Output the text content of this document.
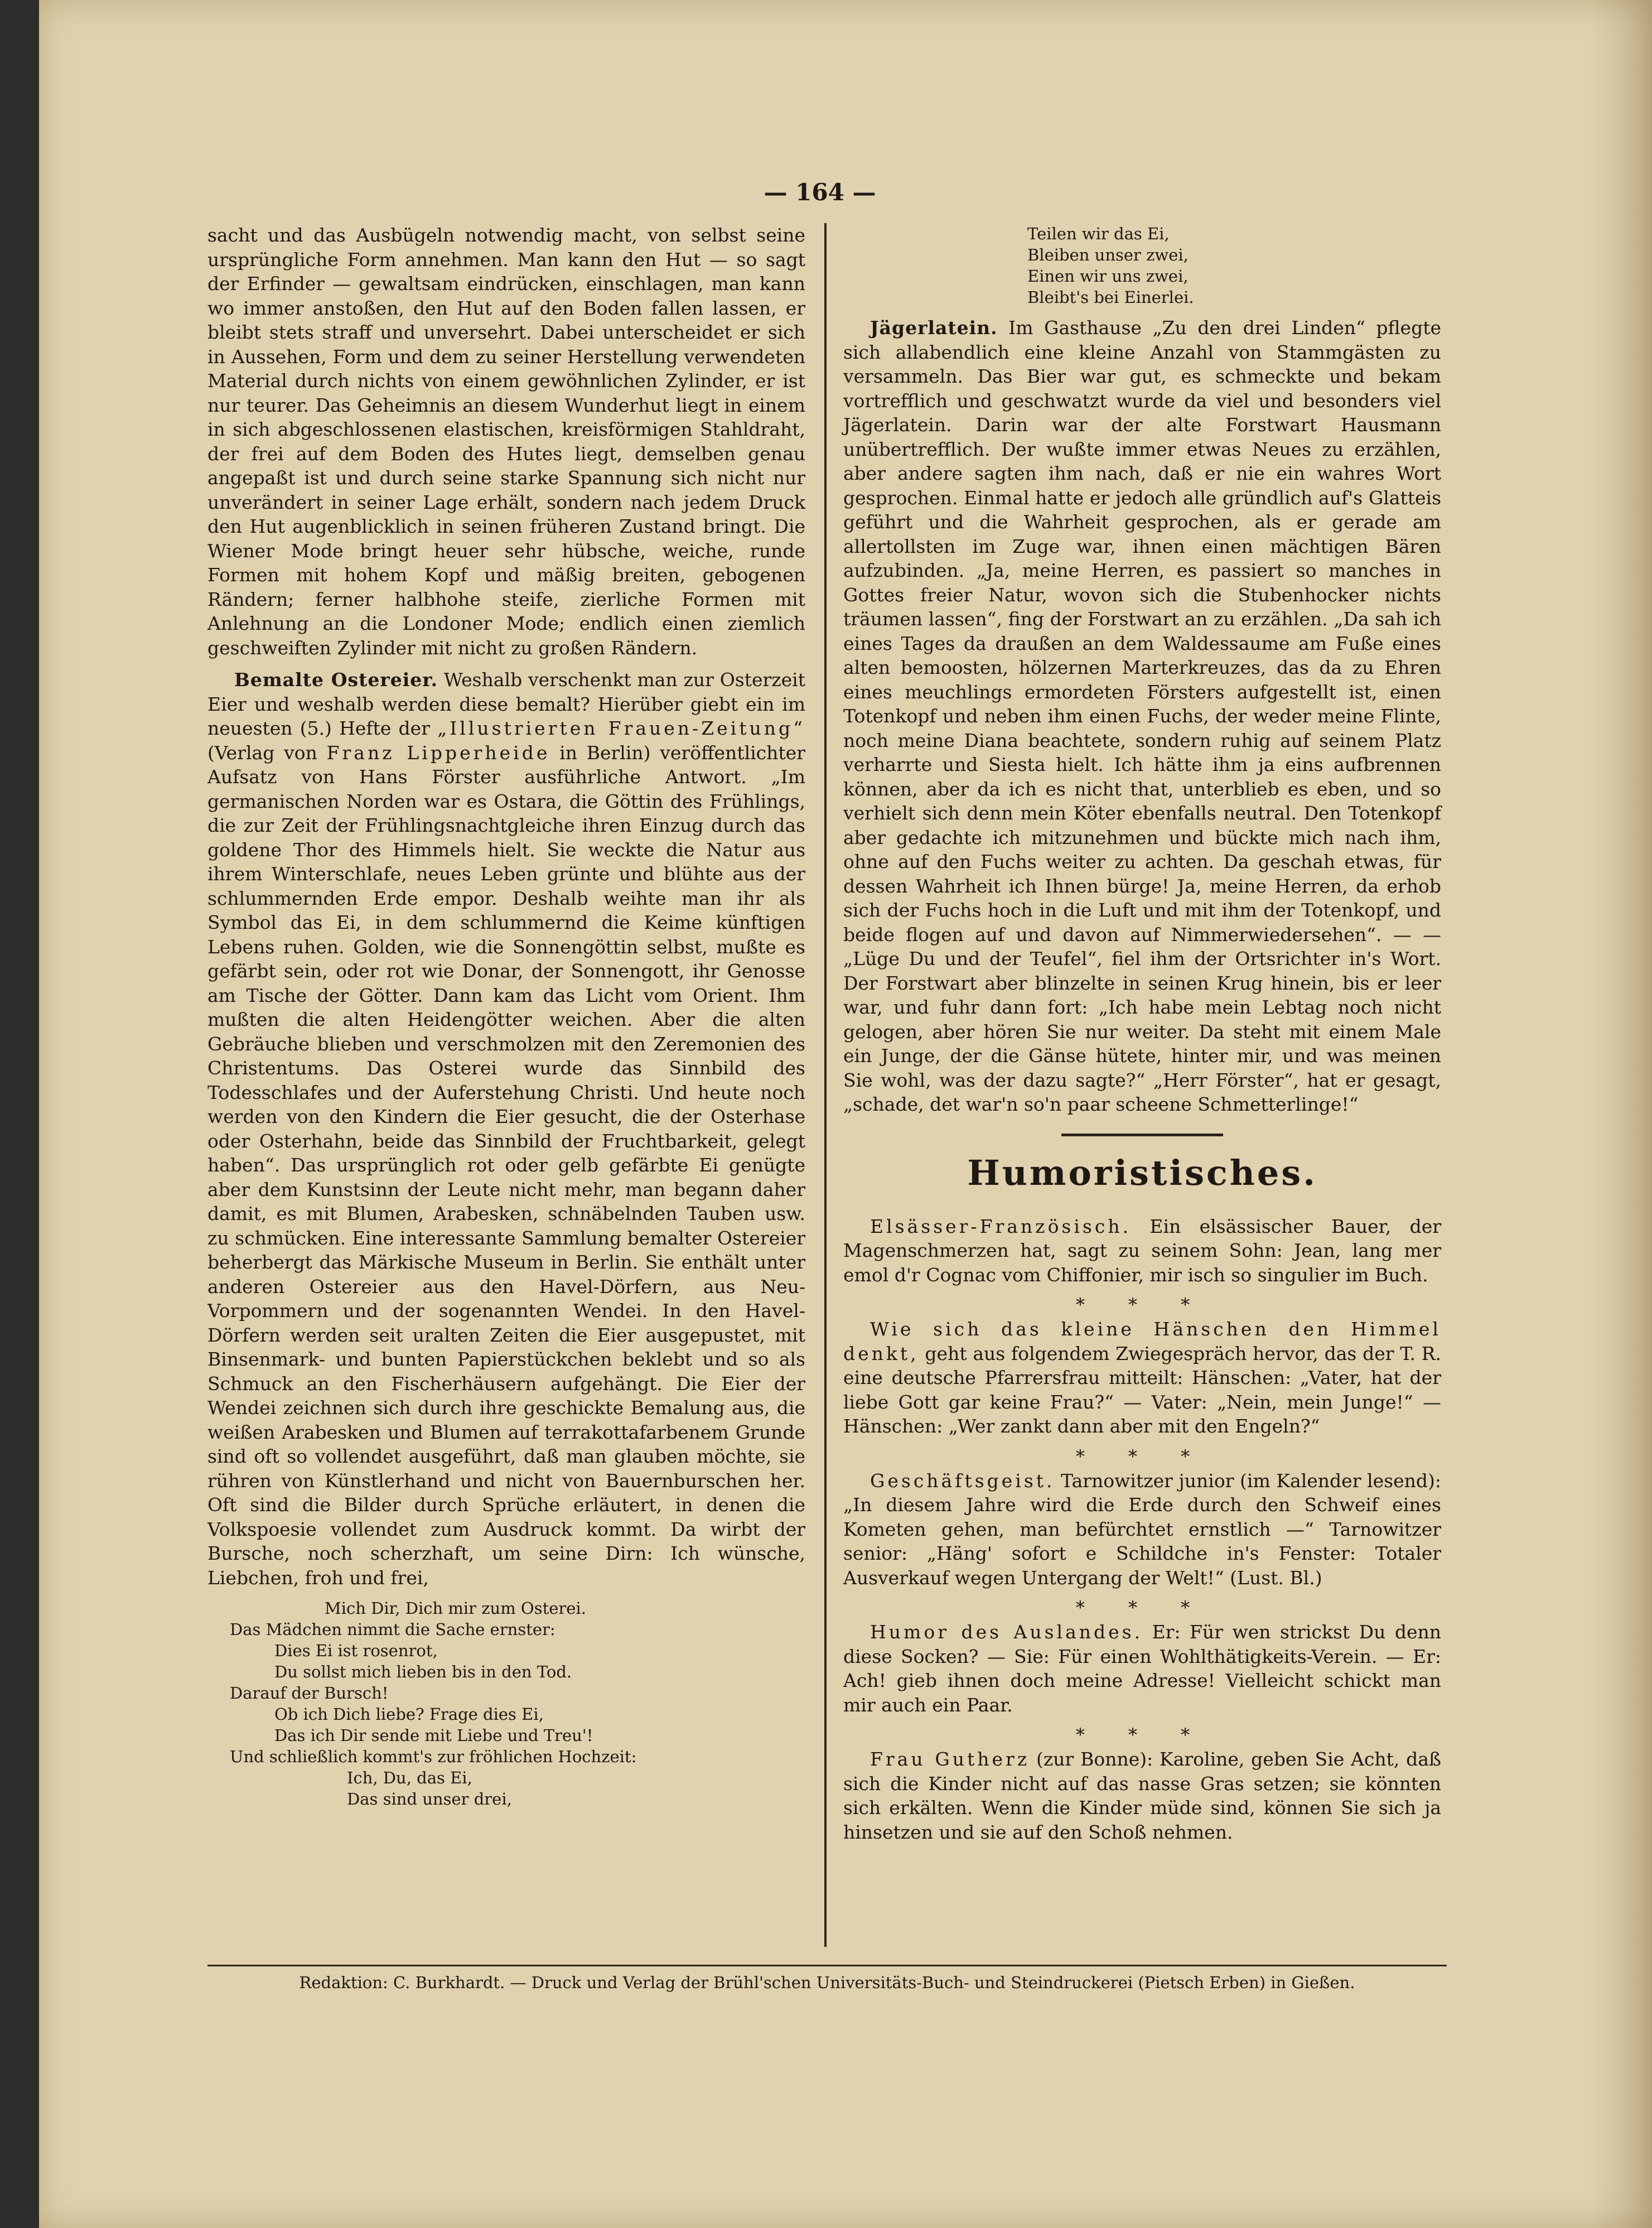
— 164 —

sacht und das Ausbügeln notwendig macht, von selbst seine ursprüngliche Form annehmen. Man kann den Hut — so sagt der Erfinder — gewaltsam eindrücken, einschlagen, man kann wo immer anstoßen, den Hut auf den Boden fallen lassen, er bleibt stets straff und unversehrt. Dabei unterscheidet er sich in Aussehen, Form und dem zu seiner Herstellung verwendeten Material durch nichts von einem gewöhnlichen Zylinder, er ist nur teurer. Das Geheimnis an diesem Wunderhut liegt in einem in sich abgeschlossenen elastischen, kreisförmigen Stahldraht, der frei auf dem Boden des Hutes liegt, demselben genau angepaßt ist und durch seine starke Spannung sich nicht nur unverändert in seiner Lage erhält, sondern nach jedem Druck den Hut augenblicklich in seinen früheren Zustand bringt. Die Wiener Mode bringt heuer sehr hübsche, weiche, runde Formen mit hohem Kopf und mäßig breiten, gebogenen Rändern; ferner halbhohe steife, zierliche Formen mit Anlehnung an die Londoner Mode; endlich einen ziemlich geschweiften Zylinder mit nicht zu großen Rändern.

Bemalte Ostereier. Weshalb verschenkt man zur Osterzeit Eier und weshalb werden diese bemalt? Hierüber giebt ein im neuesten (5.) Hefte der „Illustrierten Frauen-Zeitung“ (Verlag von Franz Lipperheide in Berlin) veröffentlichter Aufsatz von Hans Förster ausführliche Antwort. „Im germanischen Norden war es Ostara, die Göttin des Frühlings, die zur Zeit der Frühlingsnachtgleiche ihren Einzug durch das goldene Thor des Himmels hielt. Sie weckte die Natur aus ihrem Winterschlafe, neues Leben grünte und blühte aus der schlummernden Erde empor. Deshalb weihte man ihr als Symbol das Ei, in dem schlummernd die Keime künftigen Lebens ruhen. Golden, wie die Sonnengöttin selbst, mußte es gefärbt sein, oder rot wie Donar, der Sonnengott, ihr Genosse am Tische der Götter. Dann kam das Licht vom Orient. Ihm mußten die alten Heidengötter weichen. Aber die alten Gebräuche blieben und verschmolzen mit den Zeremonien des Christentums. Das Osterei wurde das Sinnbild des Todesschlafes und der Auferstehung Christi. Und heute noch werden von den Kindern die Eier gesucht, die der Osterhase oder Osterhahn, beide das Sinnbild der Fruchtbarkeit, gelegt haben“. Das ursprünglich rot oder gelb gefärbte Ei genügte aber dem Kunstsinn der Leute nicht mehr, man begann daher damit, es mit Blumen, Arabesken, schnäbelnden Tauben usw. zu schmücken. Eine interessante Sammlung bemalter Ostereier beherbergt das Märkische Museum in Berlin. Sie enthält unter anderen Ostereier aus den Havel-Dörfern, aus Neu-Vorpommern und der sogenannten Wendei. In den Havel-Dörfern werden seit uralten Zeiten die Eier ausgepustet, mit Binsenmark- und bunten Papierstückchen beklebt und so als Schmuck an den Fischerhäusern aufgehängt. Die Eier der Wendei zeichnen sich durch ihre geschickte Bemalung aus, die weißen Arabesken und Blumen auf terrakottafarbenem Grunde sind oft so vollendet ausgeführt, daß man glauben möchte, sie rühren von Künstlerhand und nicht von Bauernburschen her. Oft sind die Bilder durch Sprüche erläutert, in denen die Volkspoesie vollendet zum Ausdruck kommt. Da wirbt der Bursche, noch scherzhaft, um seine Dirn: Ich wünsche, Liebchen, froh und frei,

Mich Dir, Dich mir zum Osterei.
Das Mädchen nimmt die Sache ernster:
Dies Ei ist rosenrot,
Du sollst mich lieben bis in den Tod.
Darauf der Bursch!
Ob ich Dich liebe? Frage dies Ei,
Das ich Dir sende mit Liebe und Treu'!
Und schließlich kommt's zur fröhlichen Hochzeit:
Ich, Du, das Ei,
Das sind unser drei,
Teilen wir das Ei,
Bleiben unser zwei,
Einen wir uns zwei,
Bleibt's bei Einerlei.

Jägerlatein. Im Gasthause „Zu den drei Linden“ pflegte sich allabendlich eine kleine Anzahl von Stammgästen zu versammeln. Das Bier war gut, es schmeckte und bekam vortrefflich und geschwatzt wurde da viel und besonders viel Jägerlatein. Darin war der alte Forstwart Hausmann unübertrefflich. Der wußte immer etwas Neues zu erzählen, aber andere sagten ihm nach, daß er nie ein wahres Wort gesprochen. Einmal hatte er jedoch alle gründlich auf's Glatteis geführt und die Wahrheit gesprochen, als er gerade am allertollsten im Zuge war, ihnen einen mächtigen Bären aufzubinden. „Ja, meine Herren, es passiert so manches in Gottes freier Natur, wovon sich die Stubenhocker nichts träumen lassen“, fing der Forstwart an zu erzählen. „Da sah ich eines Tages da draußen an dem Waldessaume am Fuße eines alten bemoosten, hölzernen Marterkreuzes, das da zu Ehren eines meuchlings ermordeten Försters aufgestellt ist, einen Totenkopf und neben ihm einen Fuchs, der weder meine Flinte, noch meine Diana beachtete, sondern ruhig auf seinem Platz verharrte und Siesta hielt. Ich hätte ihm ja eins aufbrennen können, aber da ich es nicht that, unterblieb es eben, und so verhielt sich denn mein Köter ebenfalls neutral. Den Totenkopf aber gedachte ich mitzunehmen und bückte mich nach ihm, ohne auf den Fuchs weiter zu achten. Da geschah etwas, für dessen Wahrheit ich Ihnen bürge! Ja, meine Herren, da erhob sich der Fuchs hoch in die Luft und mit ihm der Totenkopf, und beide flogen auf und davon auf Nimmerwiedersehen“. — — „Lüge Du und der Teufel“, fiel ihm der Ortsrichter in's Wort. Der Forstwart aber blinzelte in seinen Krug hinein, bis er leer war, und fuhr dann fort: „Ich habe mein Lebtag noch nicht gelogen, aber hören Sie nur weiter. Da steht mit einem Male ein Junge, der die Gänse hütete, hinter mir, und was meinen Sie wohl, was der dazu sagte?“ „Herr Förster“, hat er gesagt, „schade, det war'n so'n paar scheene Schmetterlinge!“

Humoristisches.

Elsässer-Französisch. Ein elsässischer Bauer, der Magenschmerzen hat, sagt zu seinem Sohn: Jean, lang mer emol d'r Cognac vom Chiffonier, mir isch so singulier im Buch.

* * *

Wie sich das kleine Hänschen den Himmel denkt, geht aus folgendem Zwiegespräch hervor, das der T. R. eine deutsche Pfarrersfrau mitteilt: Hänschen: „Vater, hat der liebe Gott gar keine Frau?“ — Vater: „Nein, mein Junge!“ — Hänschen: „Wer zankt dann aber mit den Engeln?“

* * *

Geschäftsgeist. Tarnowitzer junior (im Kalender lesend): „In diesem Jahre wird die Erde durch den Schweif eines Kometen gehen, man befürchtet ernstlich —“ Tarnowitzer senior: „Häng' sofort e Schildche in's Fenster: Totaler Ausverkauf wegen Untergang der Welt!“ (Lust. Bl.)

* * *

Humor des Auslandes. Er: Für wen strickst Du denn diese Socken? — Sie: Für einen Wohlthätigkeits-Verein. — Er: Ach! gieb ihnen doch meine Adresse! Vielleicht schickt man mir auch ein Paar.

* * *

Frau Gutherz (zur Bonne): Karoline, geben Sie Acht, daß sich die Kinder nicht auf das nasse Gras setzen; sie könnten sich erkälten. Wenn die Kinder müde sind, können Sie sich ja hinsetzen und sie auf den Schoß nehmen.

Redaktion: C. Burkhardt. — Druck und Verlag der Brühl'schen Universitäts-Buch- und Steindruckerei (Pietsch Erben) in Gießen.
